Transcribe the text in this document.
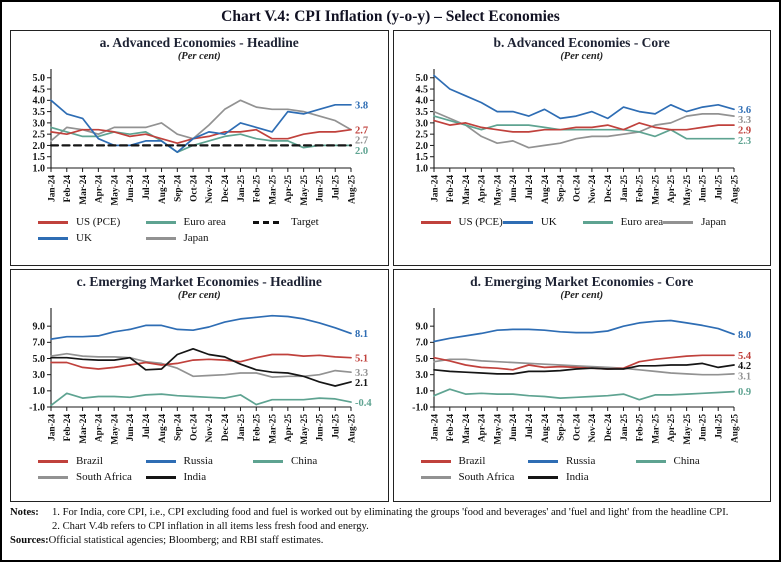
Chart V.4: CPI Inflation (y-o-y) – Select Economies
a. Advanced Economies - Headline
(Per cent)
1.0
1.5
2.0
2.5
3.0
3.5
4.0
4.5
5.0
Jan-24 Feb-24 Mar-24 Apr-24 May-24 Jun-24 Jul-24 Aug-24 Sep-24 Oct-24 Nov-24 Dec-24 Jan-25 Feb-25 Mar-25 Apr-25 May-25 Jun-25 Jul-25 Aug-25
3.8
2.7
2.7
2.0
US (PCE)	Euro area	Target
UK	Japan
b. Advanced Economies - Core
(Per cent)
1.0
1.5
2.0
2.5
3.0
3.5
4.0
4.5
5.0
Jan-24 Feb-24 Mar-24 Apr-24 May-24 Jun-24 Jul-24 Aug-24 Sep-24 Oct-24 Nov-24 Dec-24 Jan-25 Feb-25 Mar-25 Apr-25 May-25 Jun-25 Jul-25 Aug-25
3.6
3.3
2.9
2.3
US (PCE)	UK	Euro area	Japan
c. Emerging Market Economies - Headline
(Per cent)
-1.0
1.0
3.0
5.0
7.0
9.0
Jan-24 Feb-24 Mar-24 Apr-24 May-24 Jun-24 Jul-24 Aug-24 Sep-24 Oct-24 Nov-24 Dec-24 Jan-25 Feb-25 Mar-25 Apr-25 May-25 Jun-25 Jul-25 Aug-25
8.1
5.1
3.3
2.1
-0.4
Brazil	Russia	China
South Africa	India
d. Emerging Market Economies - Core
(Per cent)
-1.0
1.0
3.0
5.0
7.0
9.0
Jan-24 Feb-24 Mar-24 Apr-24 May-24 Jun-24 Jul-24 Aug-24 Sep-24 Oct-24 Nov-24 Dec-24 Jan-25 Feb-25 Mar-25 Apr-25 May-25 Jun-25 Jul-25 Aug-25
8.0
5.4
4.2
3.1
0.9
Brazil	Russia	China
South Africa	India
Notes:	1. For India, core CPI, i.e., CPI excluding food and fuel is worked out by eliminating the groups 'food and beverages' and 'fuel and light' from the headline CPI.
2. Chart V.4b refers to CPI inflation in all items less fresh food and energy.
Sources: Official statistical agencies; Bloomberg; and RBI staff estimates.
